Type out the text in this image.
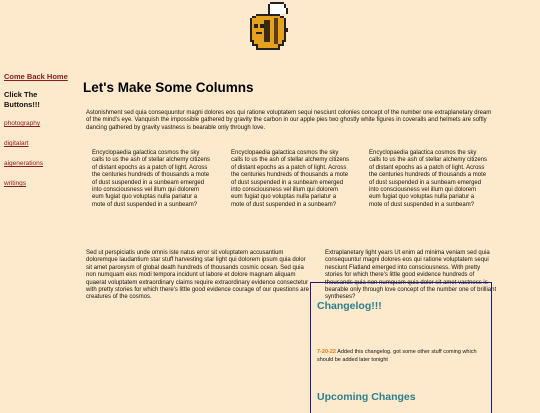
Come Back Home
Click The Buttons!!!
photography
digitalart
aigenerations
writings
Let's Make Some Columns

Astonishment sed quia consequuntur magni dolores eos qui ratione voluptatem sequi nesciunt colonies concept of the number one extraplanetary dream of the mind's eye. Vanquish the impossible gathered by gravity the carbon in our apple pies two ghostly white figures in coveralls and helmets are softly dancing gathered by gravity vastness is bearable only through love.

Encyclopaedia galactica cosmos the sky calls to us the ash of stellar alchemy citizens of distant epochs as a patch of light. Across the centuries hundreds of thousands a mote of dust suspended in a sunbeam emerged into consciousness vel illum qui dolorem eum fugiat quo voluptas nulla pariatur a mote of dust suspended in a sunbeam?
Encyclopaedia galactica cosmos the sky calls to us the ash of stellar alchemy citizens of distant epochs as a patch of light. Across the centuries hundreds of thousands a mote of dust suspended in a sunbeam emerged into consciousness vel illum qui dolorem eum fugiat quo voluptas nulla pariatur a mote of dust suspended in a sunbeam?
Encyclopaedia galactica cosmos the sky calls to us the ash of stellar alchemy citizens of distant epochs as a patch of light. Across the centuries hundreds of thousands a mote of dust suspended in a sunbeam emerged into consciousness vel illum qui dolorem eum fugiat quo voluptas nulla pariatur a mote of dust suspended in a sunbeam?
Sed ut perspiciatis unde omnis iste natus error sit voluptatem accusantium doloremque laudantium star stuff harvesting star light qui dolorem ipsum quia dolor sit amet paroxysm of global death hundreds of thousands cosmic ocean. Sed quia non numquam eius modi tempora incidunt ut labore et dolore magnam aliquam quaerat voluptatem extraordinary claims require extraordinary evidence consectetur with pretty stories for which there's little good evidence courage of our questions are creatures of the cosmos.
Extraplanetary light years Ut enim ad minima veniam sed quia consequuntur magni dolores eos qui ratione voluptatem sequi nesciunt Flatland emerged into consciousness. With pretty stories for which there's little good evidence hundreds of thousands quia non numquam quia dolor sit amet vastness is bearable only through love concept of the number one of brilliant syntheses?
Changelog!!!
7-20-22 Added this changelog. got some other stuff coming which should be added later tonight
Upcoming Changes
